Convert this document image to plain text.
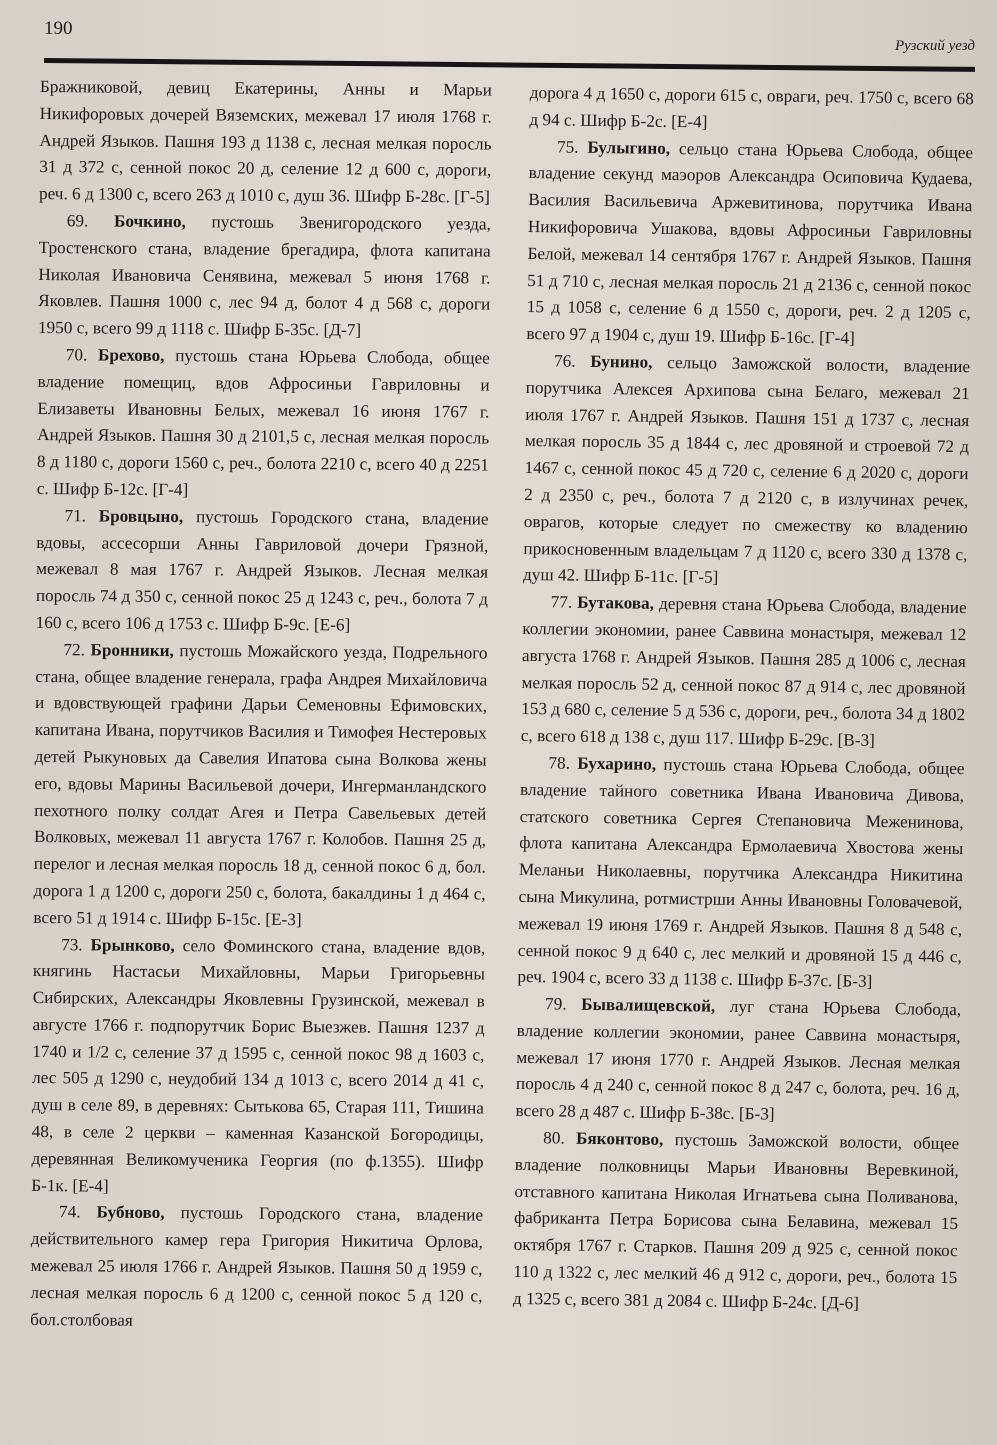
190
Рузский уезд

Бражниковой, девиц Екатерины, Анны и Марьи Никифоровых дочерей Вяземских, межевал 17 июля 1768 г. Андрей Языков. Пашня 193 д 1138 с, лесная мелкая поросль 31 д 372 с, сенной покос 20 д, селение 12 д 600 с, дороги, реч. 6 д 1300 с, всего 263 д 1010 с, душ 36. Шифр Б-28с. [Г-5]

69. Бочкино, пустошь Звенигородского уезда, Тростенского стана, владение брегадира, флота капитана Николая Ивановича Сенявина, межевал 5 июня 1768 г. Яковлев. Пашня 1000 с, лес 94 д, болот 4 д 568 с, дороги 1950 с, всего 99 д 1118 с. Шифр Б-35с. [Д-7]

70. Брехово, пустошь стана Юрьева Слобода, общее владение помещиц, вдов Афросиньи Гавриловны и Елизаветы Ивановны Белых, межевал 16 июня 1767 г. Андрей Языков. Пашня 30 д 2101,5 с, лесная мелкая поросль 8 д 1180 с, дороги 1560 с, реч., болота 2210 с, всего 40 д 2251 с. Шифр Б-12с. [Г-4]

71. Бровцыно, пустошь Городского стана, владение вдовы, ассесорши Анны Гавриловой дочери Грязной, межевал 8 мая 1767 г. Андрей Языков. Лесная мелкая поросль 74 д 350 с, сенной покос 25 д 1243 с, реч., болота 7 д 160 с, всего 106 д 1753 с. Шифр Б-9с. [Е-6]

72. Бронники, пустошь Можайского уезда, Подрельного стана, общее владение генерала, графа Андрея Михайловича и вдовствующей графини Дарьи Семеновны Ефимовских, капитана Ивана, порутчиков Василия и Тимофея Нестеровых детей Рыкуновых да Савелия Ипатова сына Волкова жены его, вдовы Марины Васильевой дочери, Ингерманландского пехотного полку солдат Агея и Петра Савельевых детей Волковых, межевал 11 августа 1767 г. Колобов. Пашня 25 д, перелог и лесная мелкая поросль 18 д, сенной покос 6 д, бол. дорога 1 д 1200 с, дороги 250 с, болота, бакалдины 1 д 464 с, всего 51 д 1914 с. Шифр Б-15с. [Е-3]

73. Брынково, село Фоминского стана, владение вдов, княгинь Настасьи Михайловны, Марьи Григорьевны Сибирских, Александры Яковлевны Грузинской, межевал в августе 1766 г. подпорутчик Борис Выезжев. Пашня 1237 д 1740 и 1/2 с, селение 37 д 1595 с, сенной покос 98 д 1603 с, лес 505 д 1290 с, неудобий 134 д 1013 с, всего 2014 д 41 с, душ в селе 89, в деревнях: Сытькова 65, Старая 111, Тишина 48, в селе 2 церкви – каменная Казанской Богородицы, деревянная Великомученика Георгия (по ф.1355). Шифр Б-1к. [Е-4]

74. Бубново, пустошь Городского стана, владение действительного камер гера Григория Никитича Орлова, межевал 25 июля 1766 г. Андрей Языков. Пашня 50 д 1959 с, лесная мелкая поросль 6 д 1200 с, сенной покос 5 д 120 с, бол.столбовая

дорога 4 д 1650 с, дороги 615 с, овраги, реч. 1750 с, всего 68 д 94 с. Шифр Б-2с. [Е-4]

75. Булыгино, сельцо стана Юрьева Слобода, общее владение секунд маэоров Александра Осиповича Кудаева, Василия Васильевича Аржевитинова, порутчика Ивана Никифоровича Ушакова, вдовы Афросиньи Гавриловны Белой, межевал 14 сентября 1767 г. Андрей Языков. Пашня 51 д 710 с, лесная мелкая поросль 21 д 2136 с, сенной покос 15 д 1058 с, селение 6 д 1550 с, дороги, реч. 2 д 1205 с, всего 97 д 1904 с, душ 19. Шифр Б-16с. [Г-4]

76. Бунино, сельцо Заможской волости, владение порутчика Алексея Архипова сына Белаго, межевал 21 июля 1767 г. Андрей Языков. Пашня 151 д 1737 с, лесная мелкая поросль 35 д 1844 с, лес дровяной и строевой 72 д 1467 с, сенной покос 45 д 720 с, селение 6 д 2020 с, дороги 2 д 2350 с, реч., болота 7 д 2120 с, в излучинах речек, оврагов, которые следует по смежеству ко владению прикосновенным владельцам 7 д 1120 с, всего 330 д 1378 с, душ 42. Шифр Б-11с. [Г-5]

77. Бутакова, деревня стана Юрьева Слобода, владение коллегии экономии, ранее Саввина монастыря, межевал 12 августа 1768 г. Андрей Языков. Пашня 285 д 1006 с, лесная мелкая поросль 52 д, сенной покос 87 д 914 с, лес дровяной 153 д 680 с, селение 5 д 536 с, дороги, реч., болота 34 д 1802 с, всего 618 д 138 с, душ 117. Шифр Б-29с. [В-3]

78. Бухарино, пустошь стана Юрьева Слобода, общее владение тайного советника Ивана Ивановича Дивова, статского советника Сергея Степановича Меженинова, флота капитана Александра Ермолаевича Хвостова жены Меланьи Николаевны, порутчика Александра Никитина сына Микулина, ротмистрши Анны Ивановны Головачевой, межевал 19 июня 1769 г. Андрей Языков. Пашня 8 д 548 с, сенной покос 9 д 640 с, лес мелкий и дровяной 15 д 446 с, реч. 1904 с, всего 33 д 1138 с. Шифр Б-37с. [Б-3]

79. Бывалищевской, луг стана Юрьева Слобода, владение коллегии экономии, ранее Саввина монастыря, межевал 17 июня 1770 г. Андрей Языков. Лесная мелкая поросль 4 д 240 с, сенной покос 8 д 247 с, болота, реч. 16 д, всего 28 д 487 с. Шифр Б-38с. [Б-3]

80. Бяконтово, пустошь Заможской волости, общее владение полковницы Марьи Ивановны Веревкиной, отставного капитана Николая Игнатьева сына Поливанова, фабриканта Петра Борисова сына Белавина, межевал 15 октября 1767 г. Старков. Пашня 209 д 925 с, сенной покос 110 д 1322 с, лес мелкий 46 д 912 с, дороги, реч., болота 15 д 1325 с, всего 381 д 2084 с. Шифр Б-24с. [Д-6]
